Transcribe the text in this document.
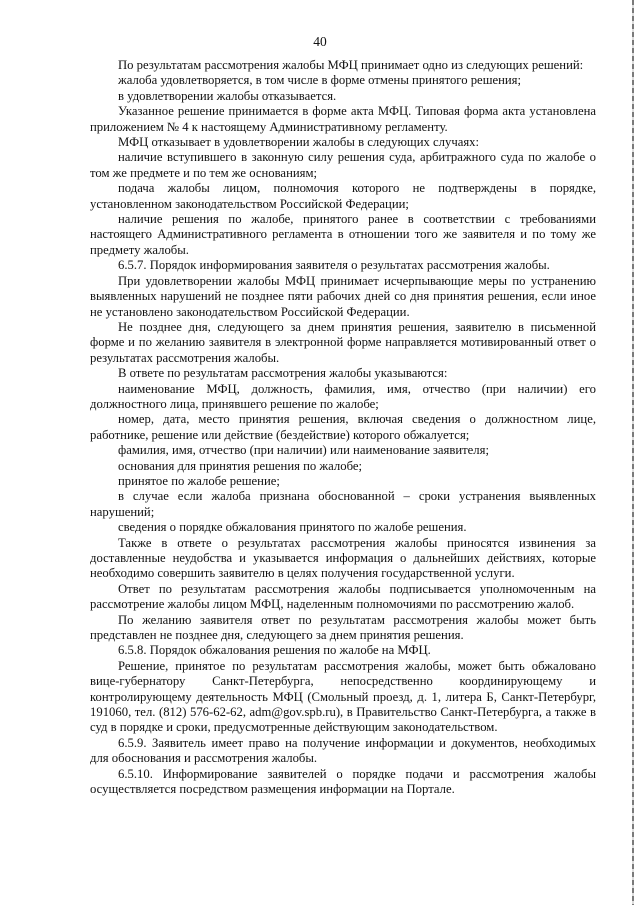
40

По результатам рассмотрения жалобы МФЦ принимает одно из следующих решений:

жалоба удовлетворяется, в том числе в форме отмены принятого решения;

в удовлетворении жалобы отказывается.

Указанное решение принимается в форме акта МФЦ. Типовая форма акта установлена приложением № 4 к настоящему Административному регламенту.

МФЦ отказывает в удовлетворении жалобы в следующих случаях:

наличие вступившего в законную силу решения суда, арбитражного суда по жалобе о том же предмете и по тем же основаниям;

подача жалобы лицом, полномочия которого не подтверждены в порядке, установленном законодательством Российской Федерации;

наличие решения по жалобе, принятого ранее в соответствии с требованиями настоящего Административного регламента в отношении того же заявителя и по тому же предмету жалобы.

6.5.7. Порядок информирования заявителя о результатах рассмотрения жалобы.

При удовлетворении жалобы МФЦ принимает исчерпывающие меры по устранению выявленных нарушений не позднее пяти рабочих дней со дня принятия решения, если иное не установлено законодательством Российской Федерации.

Не позднее дня, следующего за днем принятия решения, заявителю в письменной форме и по желанию заявителя в электронной форме направляется мотивированный ответ о результатах рассмотрения жалобы.

В ответе по результатам рассмотрения жалобы указываются:

наименование МФЦ, должность, фамилия, имя, отчество (при наличии) его должностного лица, принявшего решение по жалобе;

номер, дата, место принятия решения, включая сведения о должностном лице, работнике, решение или действие (бездействие) которого обжалуется;

фамилия, имя, отчество (при наличии) или наименование заявителя;

основания для принятия решения по жалобе;

принятое по жалобе решение;

в случае если жалоба признана обоснованной – сроки устранения выявленных нарушений;

сведения о порядке обжалования принятого по жалобе решения.

Также в ответе о результатах рассмотрения жалобы приносятся извинения за доставленные неудобства и указывается информация о дальнейших действиях, которые необходимо совершить заявителю в целях получения государственной услуги.

Ответ по результатам рассмотрения жалобы подписывается уполномоченным на рассмотрение жалобы лицом МФЦ, наделенным полномочиями по рассмотрению жалоб.

По желанию заявителя ответ по результатам рассмотрения жалобы может быть представлен не позднее дня, следующего за днем принятия решения.

6.5.8. Порядок обжалования решения по жалобе на МФЦ.

Решение, принятое по результатам рассмотрения жалобы, может быть обжаловано вице-губернатору Санкт-Петербурга, непосредственно координирующему и контролирующему деятельность МФЦ (Смольный проезд, д. 1, литера Б, Санкт-Петербург, 191060, тел. (812) 576-62-62, adm@gov.spb.ru), в Правительство Санкт-Петербурга, а также в суд в порядке и сроки, предусмотренные действующим законодательством.

6.5.9. Заявитель имеет право на получение информации и документов, необходимых для обоснования и рассмотрения жалобы.

6.5.10. Информирование заявителей о порядке подачи и рассмотрения жалобы осуществляется посредством размещения информации на Портале.
